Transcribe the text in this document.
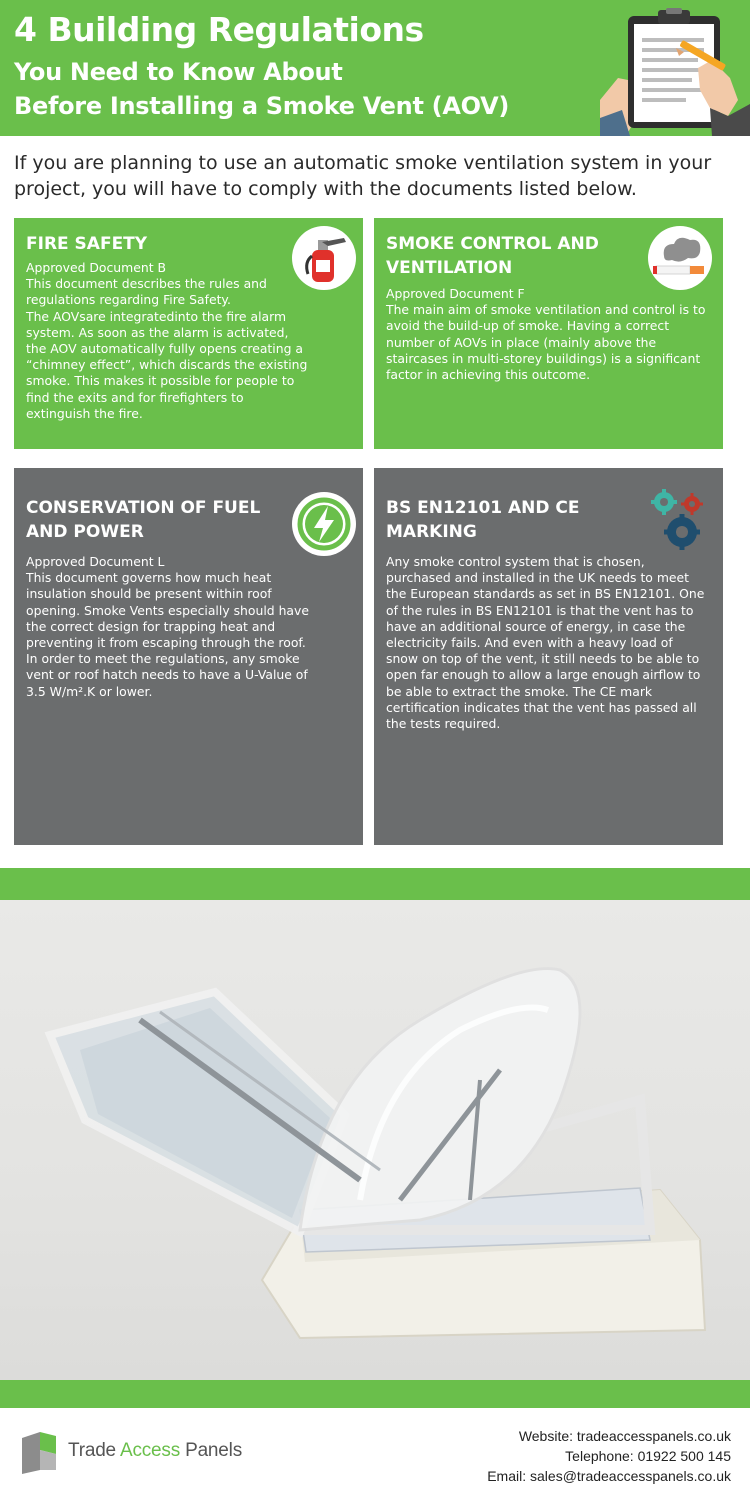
4 Building Regulations
You Need to Know About
Before Installing a Smoke Vent (AOV)
If you are planning to use an automatic smoke ventilation system in your project, you will have to comply with the documents listed below.
FIRE SAFETY
Approved Document B
This document describes the rules and
regulations regarding Fire Safety.
The AOVsare integratedinto the fire alarm
system. As soon as the alarm is activated,
the AOV automatically fully opens creating a
“chimney effect”, which discards the existing
smoke. This makes it possible for people to
find the exits and for firefighters to
extinguish the fire.
SMOKE CONTROL AND VENTILATION
Approved Document F
The main aim of smoke ventilation and control is to
avoid the build-up of smoke. Having a correct
number of AOVs in place (mainly above the
staircases in multi-storey buildings) is a significant
factor in achieving this outcome.
CONSERVATION OF FUEL AND POWER
Approved Document L
This document governs how much heat
insulation should be present within roof
opening. Smoke Vents especially should have
the correct design for trapping heat and
preventing it from escaping through the roof.
In order to meet the regulations, any smoke
vent or roof hatch needs to have a U-Value of
3.5 W/m².K or lower.
BS EN12101 AND CE MARKING
Any smoke control system that is chosen,
purchased and installed in the UK needs to meet
the European standards as set in BS EN12101. One
of the rules in BS EN12101 is that the vent has to
have an additional source of energy, in case the
electricity fails. And even with a heavy load of
snow on top of the vent, it still needs to be able to
open far enough to allow a large enough airflow to
be able to extract the smoke. The CE mark
certification indicates that the vent has passed all
the tests required.
Trade Access Panels
Website: tradeaccesspanels.co.uk
Telephone: 01922 500 145
Email: sales@tradeaccesspanels.co.uk
